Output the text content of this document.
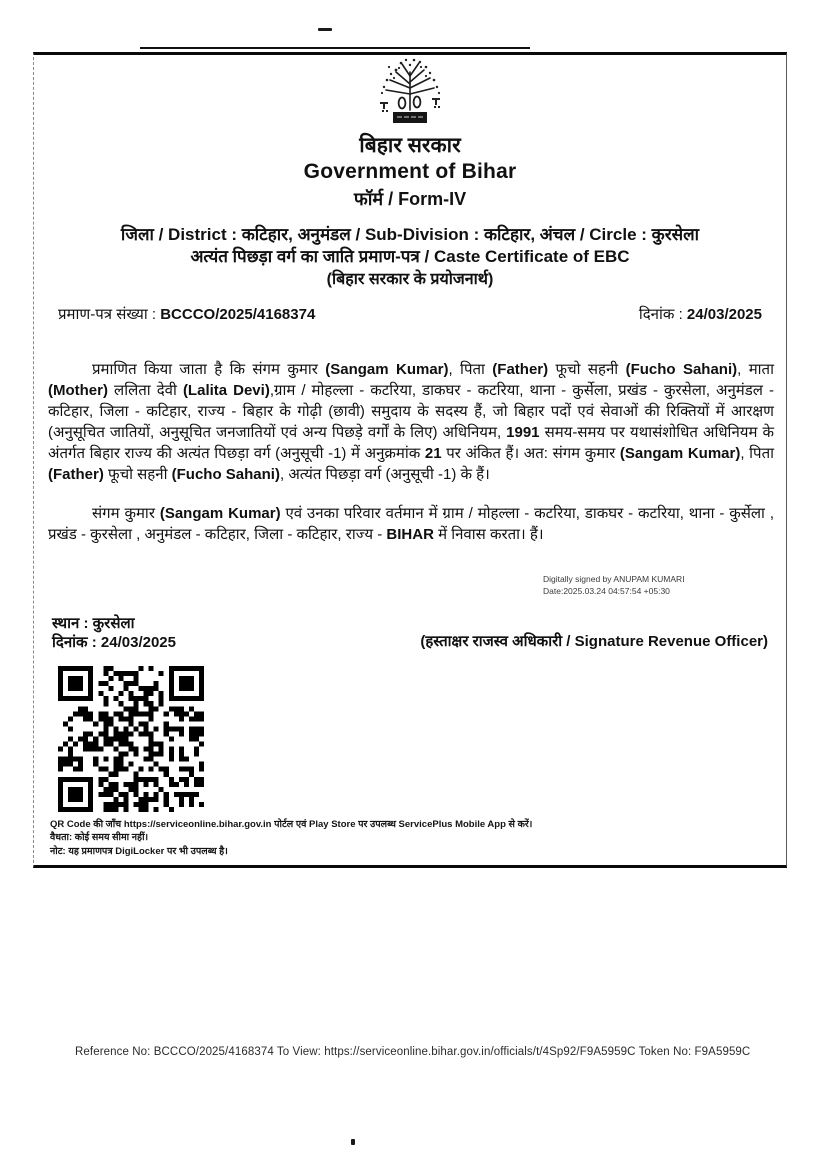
बिहार सरकार
Government of Bihar
फॉर्म / Form-IV
जिला / District : कटिहार, अनुमंडल / Sub-Division : कटिहार, अंचल / Circle : कुरसेला
अत्यंत पिछड़ा वर्ग का जाति प्रमाण-पत्र / Caste Certificate of EBC
(बिहार सरकार के प्रयोजनार्थ)
प्रमाण-पत्र संख्या : BCCCO/2025/4168374	दिनांक : 24/03/2025
प्रमाणित किया जाता है कि संगम कुमार (Sangam Kumar), पिता (Father) फूचो सहनी (Fucho Sahani), माता (Mother) ललिता देवी (Lalita Devi),ग्राम / मोहल्ला - कटरिया, डाकघर - कटरिया, थाना - कुर्सेला, प्रखंड - कुरसेला, अनुमंडल - कटिहार, जिला - कटिहार, राज्य - बिहार के गोढ़ी (छावी) समुदाय के सदस्य हैं, जो बिहार पदों एवं सेवाओं की रिक्तियों में आरक्षण (अनुसूचित जातियों, अनुसूचित जनजातियों एवं अन्य पिछड़े वर्गों के लिए) अधिनियम, 1991 समय-समय पर यथासंशोधित अधिनियम के अंतर्गत बिहार राज्य की अत्यंत पिछड़ा वर्ग (अनुसूची -1) में अनुक्रमांक 21 पर अंकित हैं। अत: संगम कुमार (Sangam Kumar), पिता (Father) फूचो सहनी (Fucho Sahani), अत्यंत पिछड़ा वर्ग (अनुसूची -1) के हैं।
संगम कुमार (Sangam Kumar) एवं उनका परिवार वर्तमान में ग्राम / मोहल्ला - कटरिया, डाकघर - कटरिया, थाना - कुर्सेला , प्रखंड - कुरसेला , अनुमंडल - कटिहार, जिला - कटिहार, राज्य - BIHAR में निवास करता। हैं।
Digitally signed by ANUPAM KUMARI
Date:2025.03.24 04:57:54 +05:30
स्थान : कुरसेला
दिनांक : 24/03/2025	(हस्ताक्षर राजस्व अधिकारी / Signature Revenue Officer)
QR Code की जाँच https://serviceonline.bihar.gov.in पोर्टल एवं Play Store पर उपलब्ध ServicePlus Mobile App से करें।
वैधता: कोई समय सीमा नहीं।
नोट: यह प्रमाणपत्र DigiLocker पर भी उपलब्ध है।
Reference No: BCCCO/2025/4168374 To View: https://serviceonline.bihar.gov.in/officials/t/4Sp92/F9A5959C Token No: F9A5959C
